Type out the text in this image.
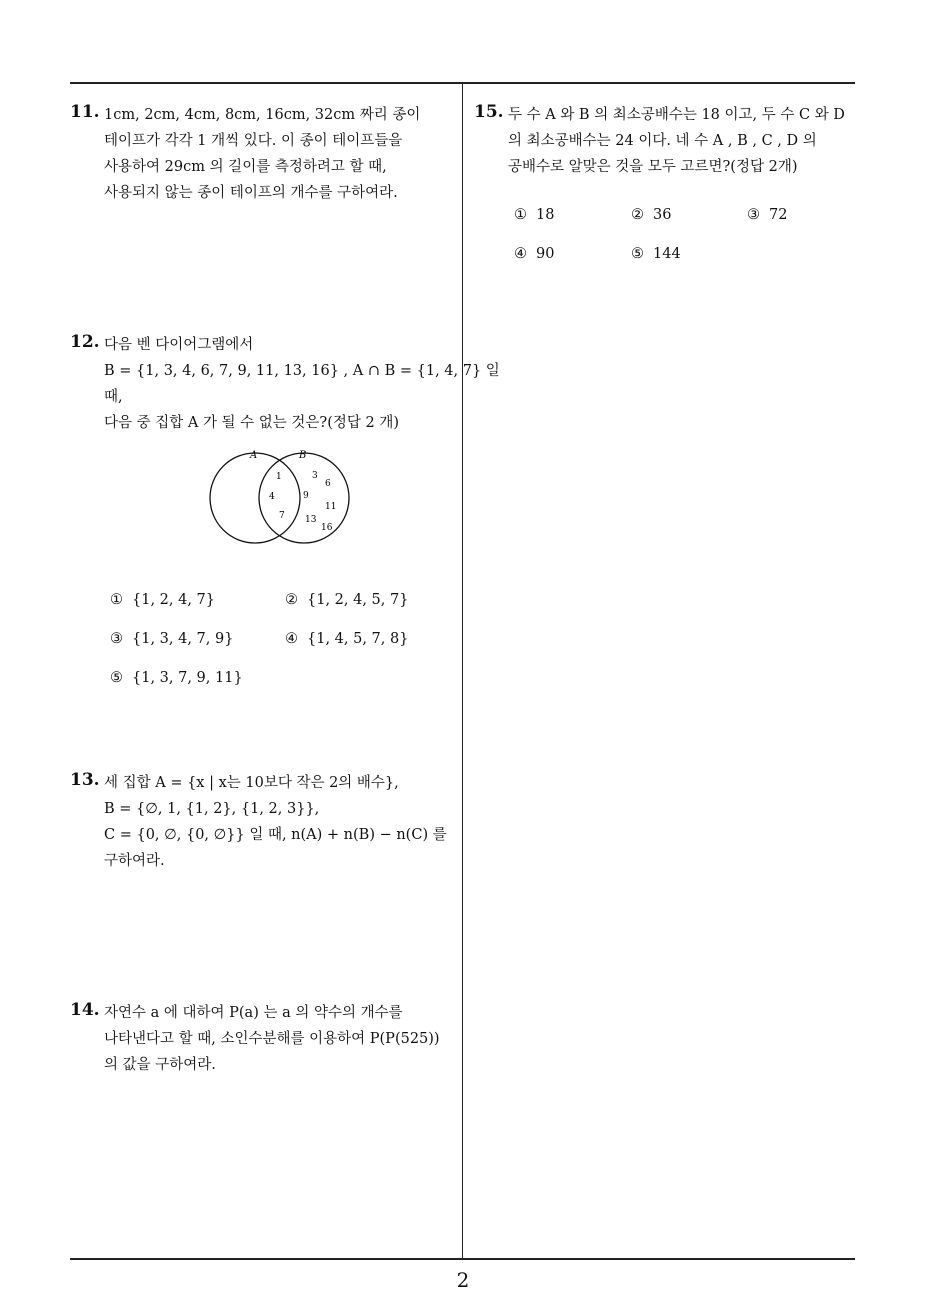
11. 1cm, 2cm, 4cm, 8cm, 16cm, 32cm 짜리 종이
테이프가 각각 1 개씩 있다. 이 종이 테이프들을
사용하여 29cm 의 길이를 측정하려고 할 때,
사용되지 않는 종이 테이프의 개수를 구하여라.
12. 다음 벤 다이어그램에서
B = {1, 3, 4, 6, 7, 9, 11, 13, 16} , A ∩ B = {1, 4, 7} 일
때,
다음 중 집합 A 가 될 수 없는 것은?(정답 2 개)
A	B
1
4
7
3
6
9
11
13
16
① {1, 2, 4, 7}	② {1, 2, 4, 5, 7}
③ {1, 3, 4, 7, 9}	④ {1, 4, 5, 7, 8}
⑤ {1, 3, 7, 9, 11}
13. 세 집합 A = {x | x는 10보다 작은 2의 배수},
B = {∅, 1, {1, 2}, {1, 2, 3}},
C = {0, ∅, {0, ∅}} 일 때, n(A) + n(B) − n(C) 를
구하여라.
14. 자연수 a 에 대하여 P(a) 는 a 의 약수의 개수를
나타낸다고 할 때, 소인수분해를 이용하여 P(P(525))
의 값을 구하여라.
15. 두 수 A 와 B 의 최소공배수는 18 이고, 두 수 C 와 D
의 최소공배수는 24 이다. 네 수 A , B , C , D 의
공배수로 알맞은 것을 모두 고르면?(정답 2개)
① 18	② 36	③ 72
④ 90	⑤ 144
2
